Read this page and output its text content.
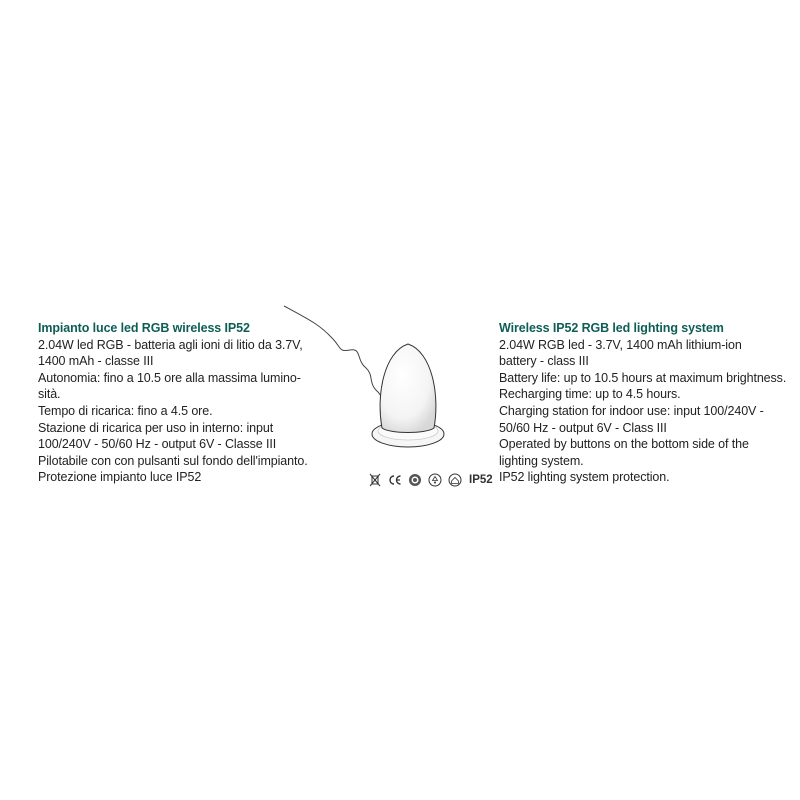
Impianto luce led RGB wireless IP52

2.04W led RGB - batteria agli ioni di litio da 3.7V,

1400 mAh - classe III

Autonomia: fino a 10.5 ore alla massima lumino-

sità.

Tempo di ricarica: fino a 4.5 ore.

Stazione di ricarica per uso in interno: input

100/240V - 50/60 Hz - output 6V - Classe III

Pilotabile con con pulsanti sul fondo dell'impianto.

Protezione impianto luce IP52	IP52
Wireless IP52 RGB led lighting system

2.04W RGB led - 3.7V, 1400 mAh lithium-ion

battery - class III

Battery life: up to 10.5 hours at maximum brightness.

Recharging time: up to 4.5 hours.

Charging station for indoor use: input 100/240V -

50/60 Hz - output 6V - Class III

Operated by buttons on the bottom side of the

lighting system.

IP52 lighting system protection.
